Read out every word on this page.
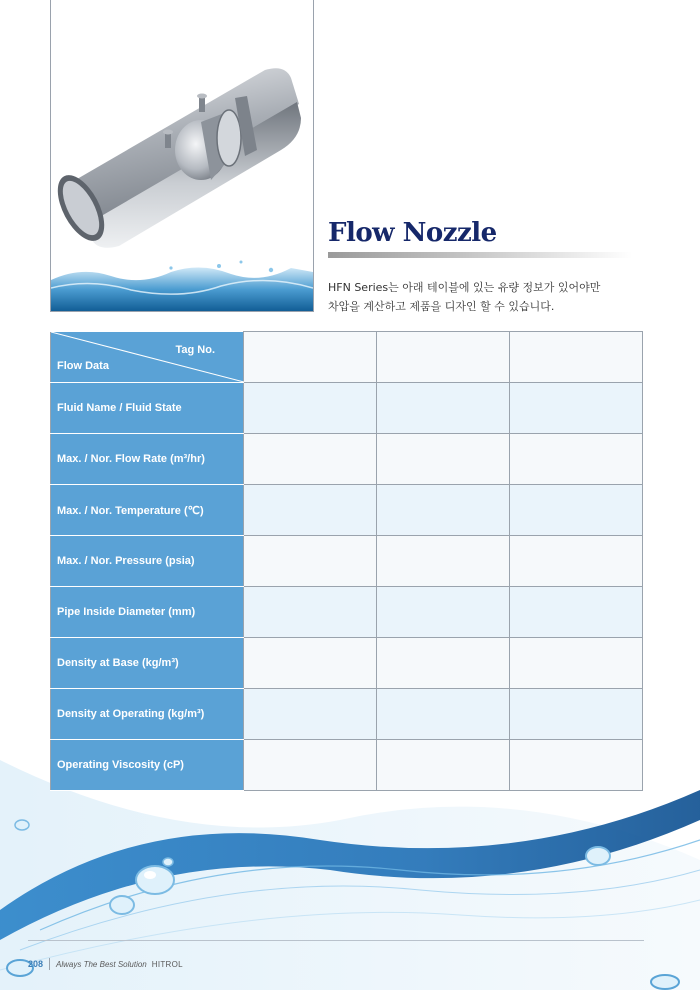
Flow Nozzle

HFN Series는 아래 테이블에 있는 유량 정보가 있어야만

차압을 계산하고 제품을 디자인 할 수 있습니다.

Tag No.
Flow Data			

Fluid Name / Fluid State			
Max. / Nor. Flow Rate (m³/hr)			
Max. / Nor. Temperature (℃)			
Max. / Nor. Pressure (psia)			
Pipe Inside Diameter (mm)			
Density at Base (kg/m³)			
Density at Operating (kg/m³)			
Operating Viscosity (cP)			
208 Always The Best Solution HITROL
